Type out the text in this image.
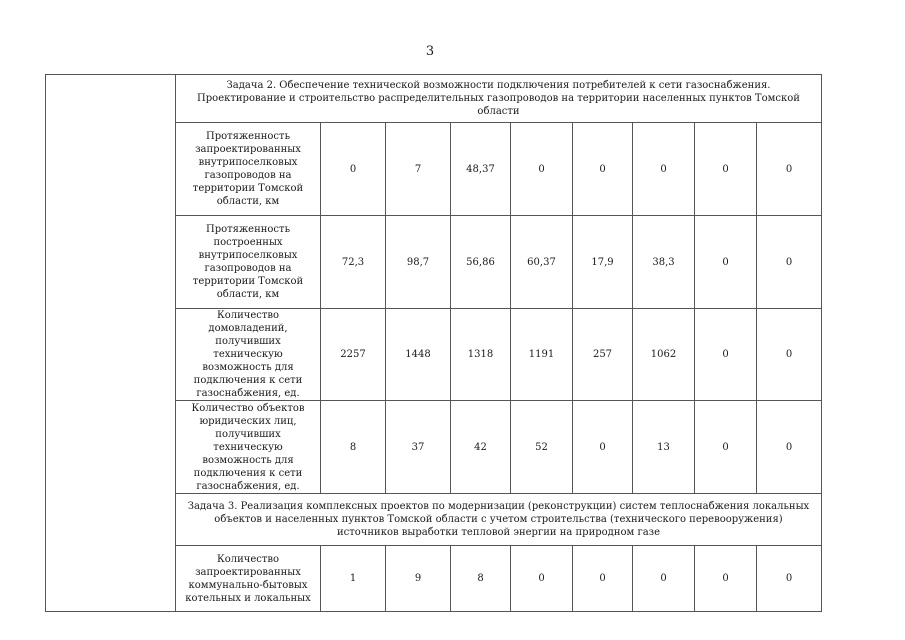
3

	Задача 2. Обеспечение технической возможности подключения потребителей к сети газоснабжения. Проектирование и строительство распределительных газопроводов на территории населенных пунктов Томской области								

	Протяженность запроектированных внутрипоселковых газопроводов на территории Томской области, км	0	7	48,37	0	0	0	0	0
	Протяженность построенных внутрипоселковых газопроводов на территории Томской области, км	72,3	98,7	56,86	60,37	17,9	38,3	0	0
	Количество домовладений, получивших техническую возможность для подключения к сети газоснабжения, ед.	2257	1448	1318	1191	257	1062	0	0
	Количество объектов юридических лиц, получивших техническую возможность для подключения к сети газоснабжения, ед.	8	37	42	52	0	13	0	0
	Задача 3. Реализация комплексных проектов по модернизации (реконструкции) систем теплоснабжения локальных объектов и населенных пунктов Томской области с учетом строительства (технического перевооружения) источников выработки тепловой энергии на природном газе								
	Количество запроектированных коммунально-бытовых котельных и локальных	1	9	8	0	0	0	0	0
